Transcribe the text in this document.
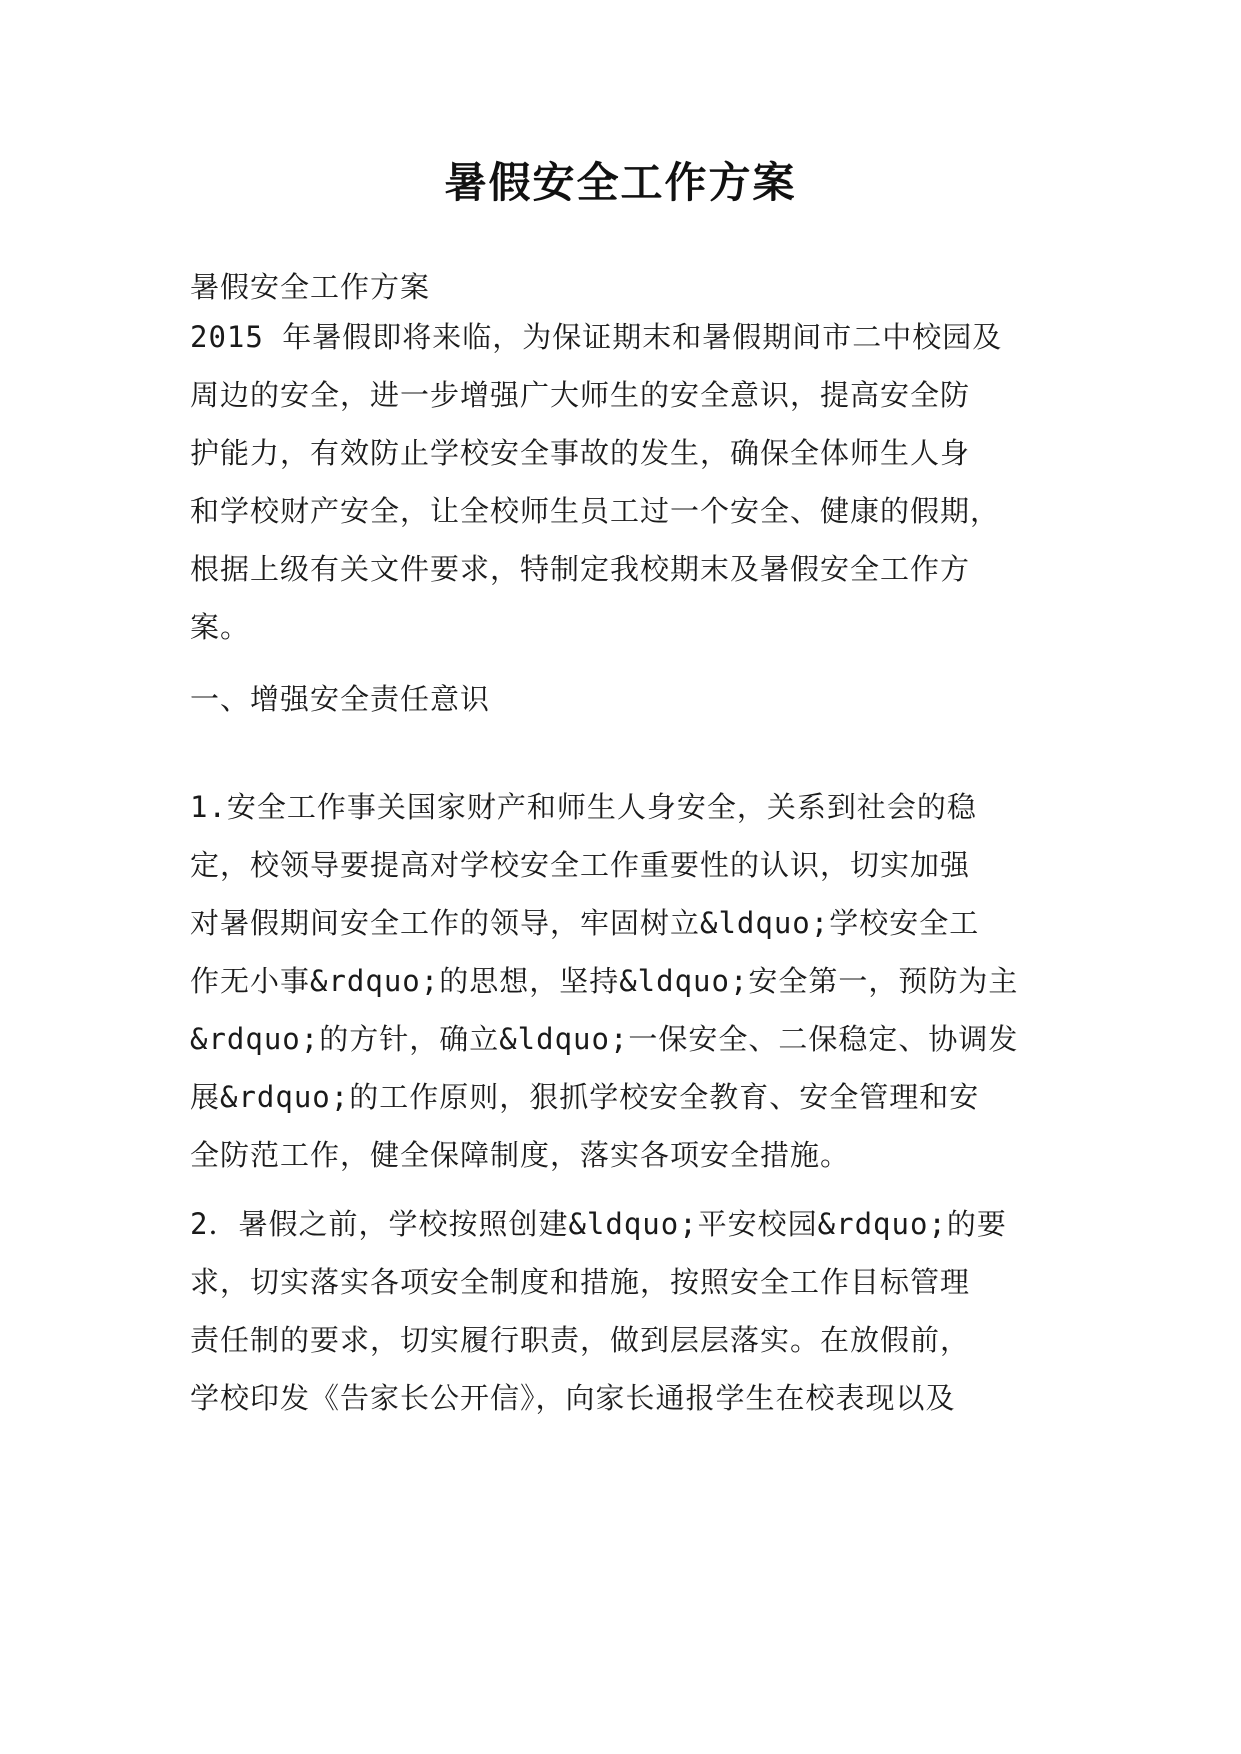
暑假安全工作方案
暑假安全工作方案
2015 年暑假即将来临，为保证期末和暑假期间市二中校园及
周边的安全，进一步增强广大师生的安全意识，提高安全防
护能力，有效防止学校安全事故的发生，确保全体师生人身
和学校财产安全，让全校师生员工过一个安全、健康的假期，
根据上级有关文件要求，特制定我校期末及暑假安全工作方
案。
一、增强安全责任意识
1.安全工作事关国家财产和师生人身安全，关系到社会的稳
定，校领导要提高对学校安全工作重要性的认识，切实加强
对暑假期间安全工作的领导，牢固树立&ldquo;学校安全工
作无小事&rdquo;的思想，坚持&ldquo;安全第一，预防为主
&rdquo;的方针，确立&ldquo;一保安全、二保稳定、协调发
展&rdquo;的工作原则，狠抓学校安全教育、安全管理和安
全防范工作，健全保障制度，落实各项安全措施。
2．暑假之前，学校按照创建&ldquo;平安校园&rdquo;的要
求，切实落实各项安全制度和措施，按照安全工作目标管理
责任制的要求，切实履行职责，做到层层落实。在放假前，
学校印发《告家长公开信》，向家长通报学生在校表现以及
